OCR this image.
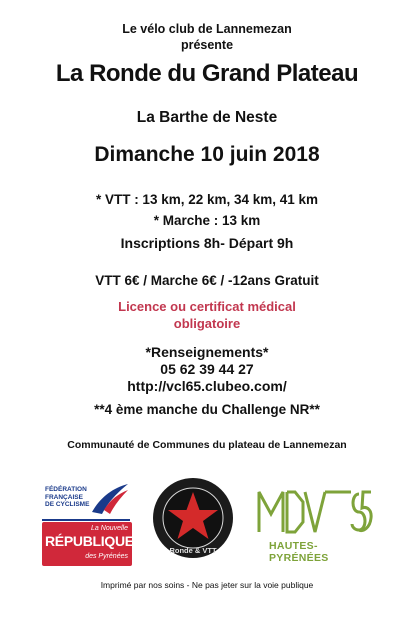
Le vélo club de Lannemezan
présente
La Ronde du Grand Plateau
La Barthe de Neste
Dimanche 10 juin 2018
* VTT : 13 km, 22 km, 34 km, 41 km
* Marche : 13 km
Inscriptions 8h- Départ 9h
VTT 6€ / Marche 6€ / -12ans Gratuit
Licence ou certificat médical
obligatoire
*Renseignements*
05 62 39 44 27
http://vcl65.clubeo.com/
**4 ème manche du Challenge NR**
Communauté de Communes du plateau de Lannemezan
FÉDÉRATION
FRANÇAISE
DE CYCLISME
La Nouvelle
RÉPUBLIQUE
des Pyrénées
Ronde & VTT	HAUTES-PYRÉNÉES
Imprimé par nos soins - Ne pas jeter sur la voie publique
